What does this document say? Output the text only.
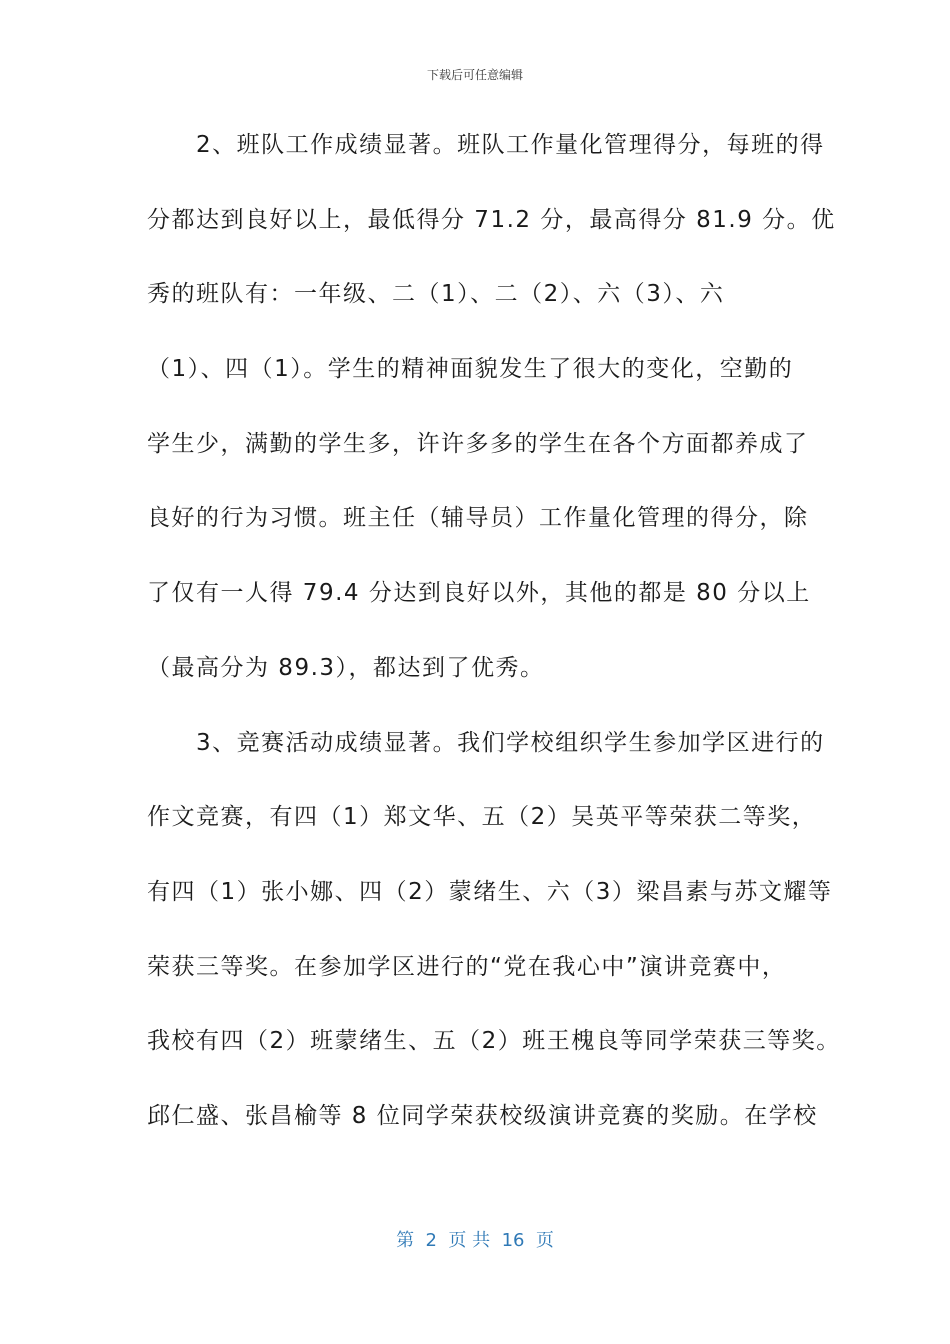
下载后可任意编辑
　　2、班队工作成绩显著。班队工作量化管理得分，每班的得
分都达到良好以上，最低得分 71.2 分，最高得分 81.9 分。优
秀的班队有：一年级、二（1）、二（2）、六（3）、六
（1）、四（1）。学生的精神面貌发生了很大的变化，空勤的
学生少，满勤的学生多，许许多多的学生在各个方面都养成了
良好的行为习惯。班主任（辅导员）工作量化管理的得分，除
了仅有一人得 79.4 分达到良好以外，其他的都是 80 分以上
（最高分为 89.3），都达到了优秀。
　　3、竞赛活动成绩显著。我们学校组织学生参加学区进行的
作文竞赛，有四（1）郑文华、五（2）吴英平等荣获二等奖，
有四（1）张小娜、四（2）蒙绪生、六（3）梁昌素与苏文耀等
荣获三等奖。在参加学区进行的“党在我心中”演讲竞赛中，
我校有四（2）班蒙绪生、五（2）班王槐良等同学荣获三等奖。
邱仁盛、张昌榆等 8 位同学荣获校级演讲竞赛的奖励。在学校
第  2  页 共  16  页
